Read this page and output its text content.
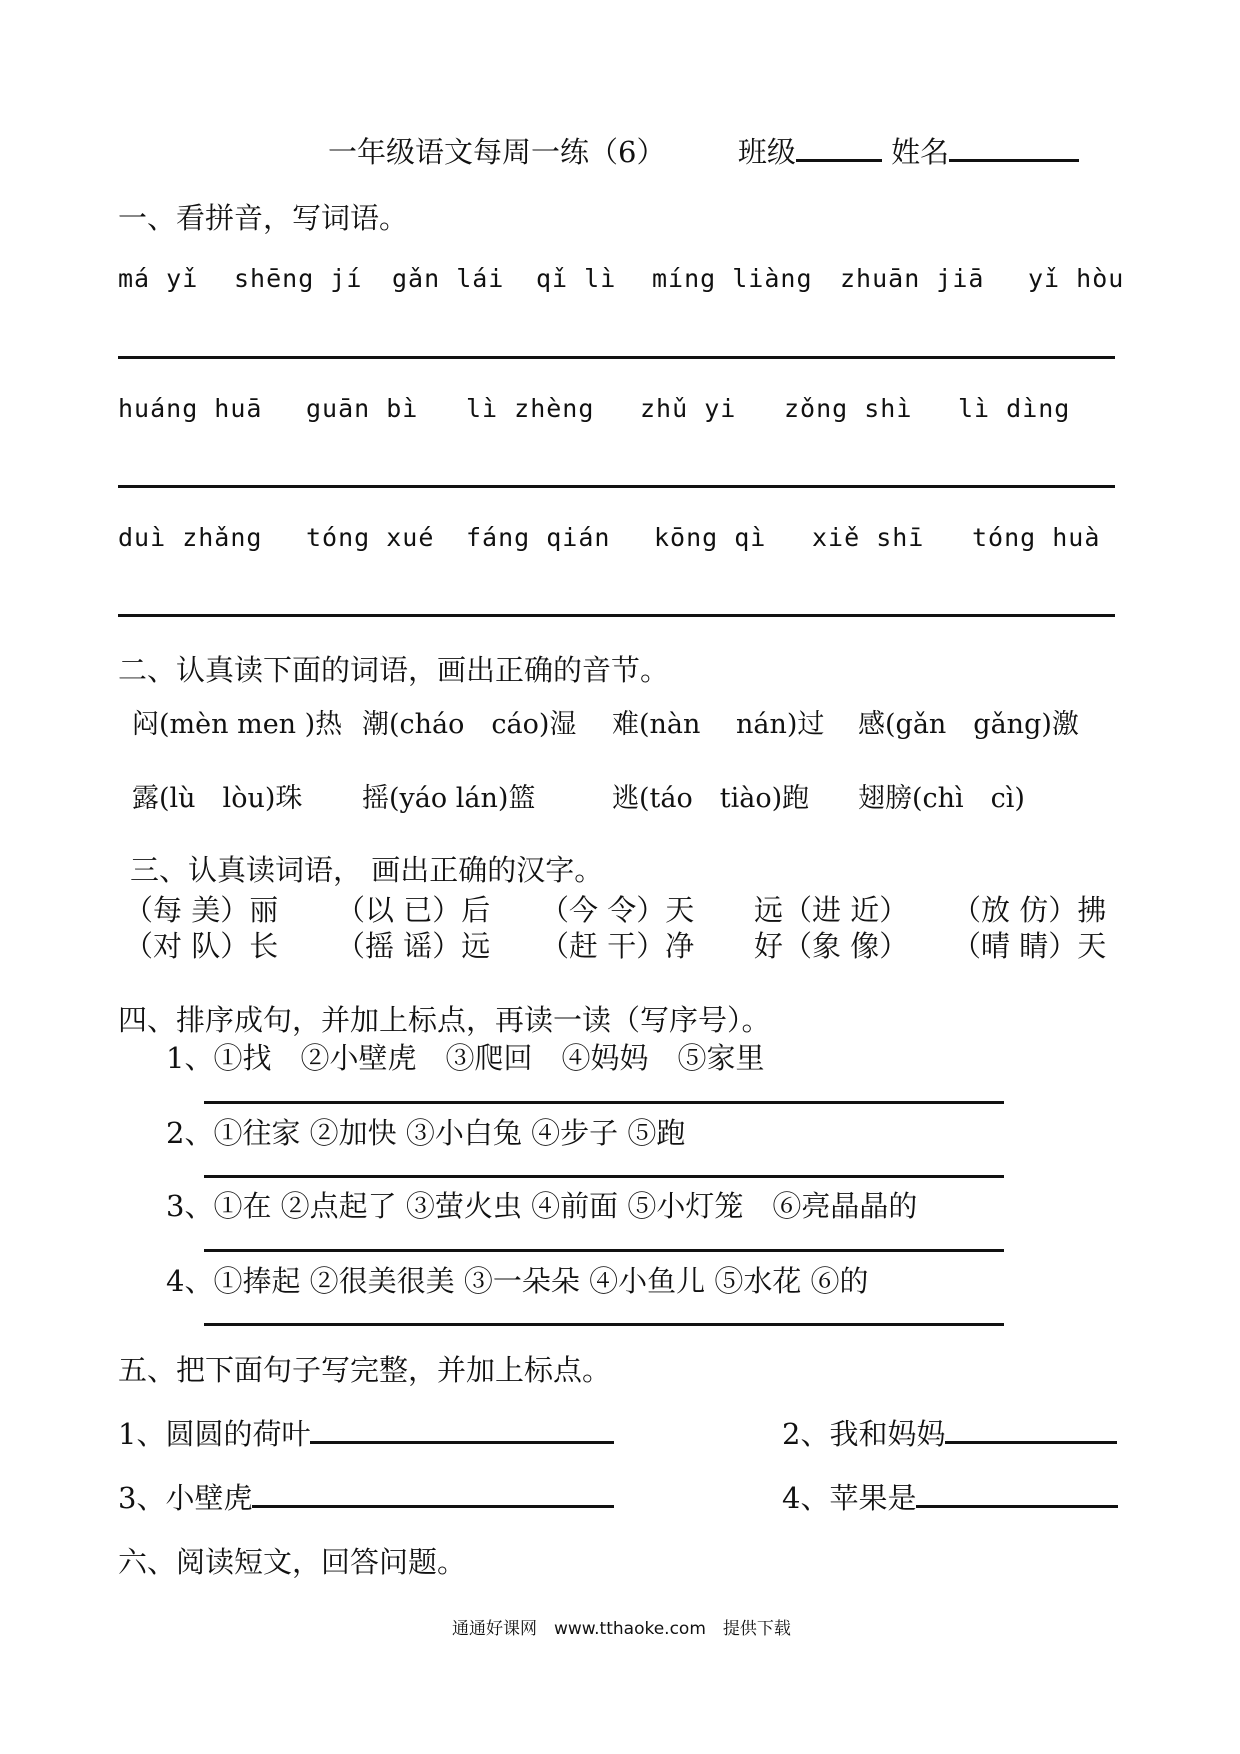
一年级语文每周一练（6） 班级	姓名
一、看拼音，写词语。
má yǐ shēng jí gǎn lái qǐ lì míng liàng zhuān jiā yǐ hòu
huáng huā guān bì lì zhèng zhǔ yi zǒng shì lì dìng
duì zhǎng tóng xué fáng qián kōng qì xiě shī tóng huà
二、认真读下面的词语，画出正确的音节。
闷(mèn men )热 潮(cháo　cáo)湿 难(nàn　 nán)过 感(gǎn　gǎng)激
露(lù　lòu)珠 摇(yáo lán)篮	逃(táo　tiào)跑 翅膀(chì　cì)
三、认真读词语， 画出正确的汉字。
（每 美）丽 （以 已）后 （今 令）天 远（进 近） （放 仿）拂
（对 队）长 （摇 谣）远 （赶 干）净 好（象 像） （晴 睛）天
四、排序成句，并加上标点，再读一读（写序号）。
1、①找　②小壁虎　③爬回　④妈妈　⑤家里
2、①往家 ②加快 ③小白兔 ④步子 ⑤跑
3、①在 ②点起了 ③萤火虫 ④前面 ⑤小灯笼　⑥亮晶晶的
4、①捧起 ②很美很美 ③一朵朵 ④小鱼儿 ⑤水花 ⑥的
五、把下面句子写完整，并加上标点。
1、圆圆的荷叶	2、我和妈妈
3、小壁虎	4、苹果是
六、阅读短文，回答问题。
通通好课网　www.tthaoke.com　提供下载
